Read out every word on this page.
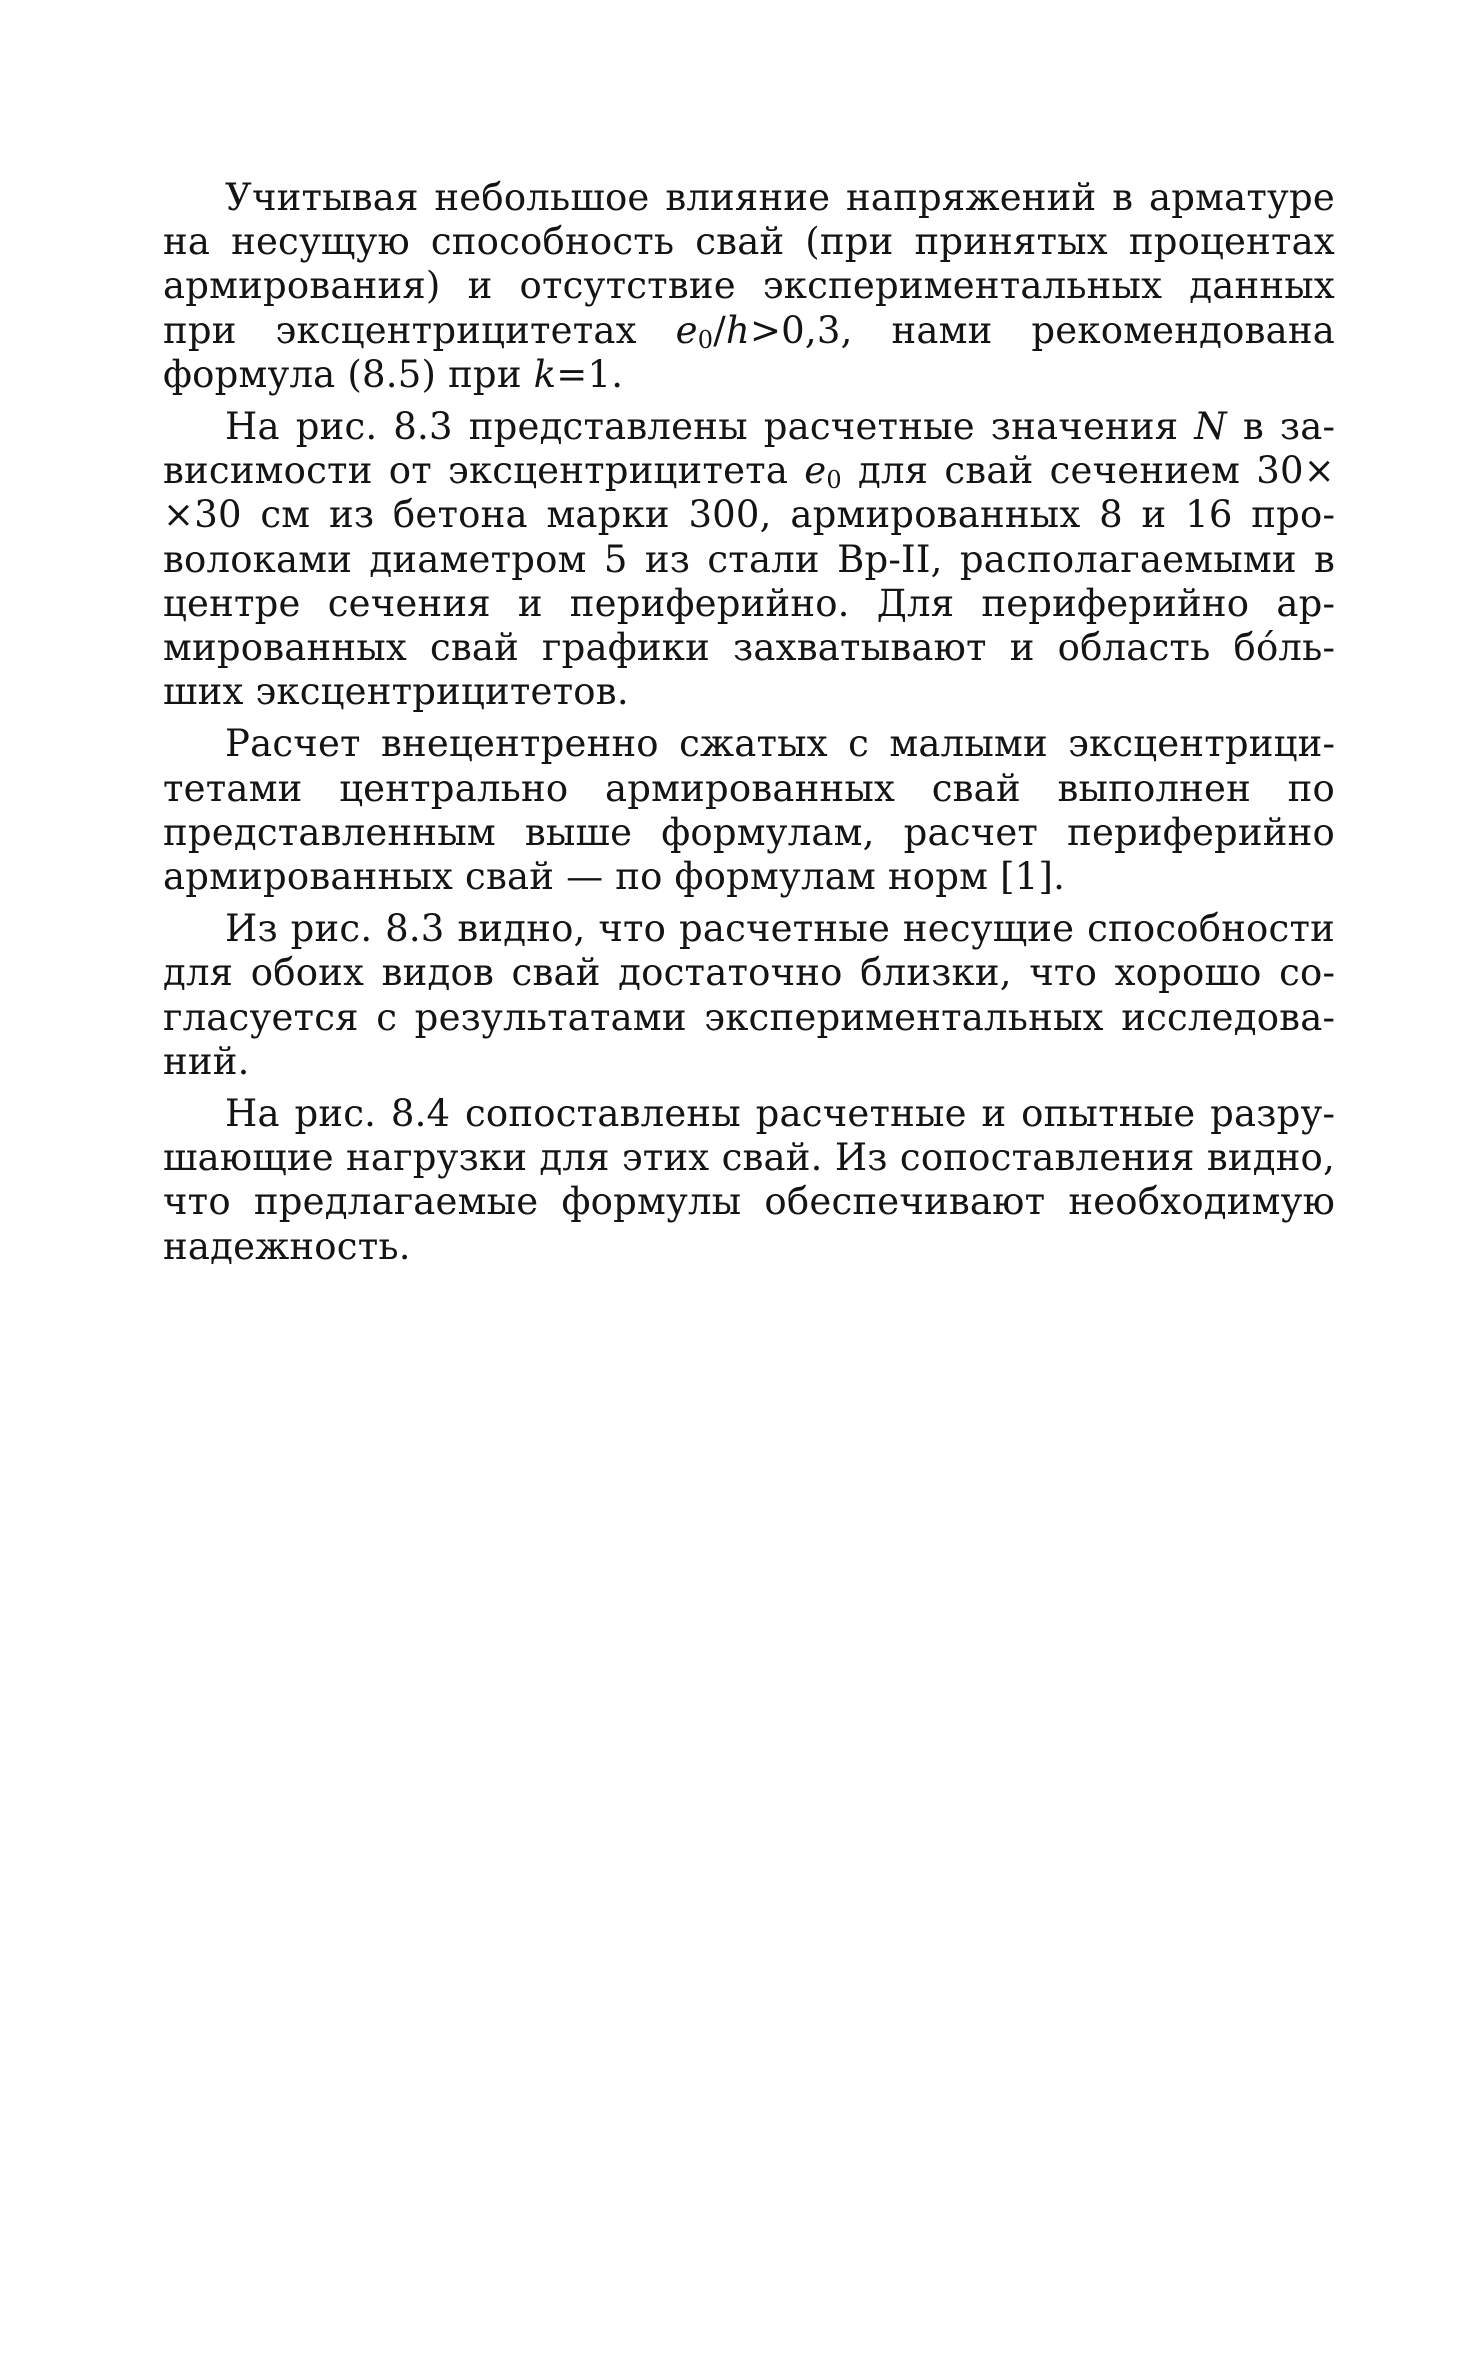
Учитывая небольшое влияние напряжений в арматуре на несущую способность свай (при принятых процентах армирования) и отсутствие экспериментальных данных при эксцентрицитетах $e_0/h>0,3$, нами рекомендована формула (8.5) при k=1.

На рис. 8.3 представлены расчетные значения N в зависимости от эксцентрицитета $e_0$ для свай сечением 30× ×30 см из бетона марки 300, армированных 8 и 16 проволоками диаметром 5 из стали Вр-II, располагаемыми в центре сечения и периферийно. Для периферийно армированных свай графики захватывают и область бо́льших эксцентрицитетов.

Расчет внецентренно сжатых с малыми эксцентрицитетами центрально армированных свай выполнен по представленным выше формулам, расчет периферийно армированных свай — по формулам норм [1].

Из рис. 8.3 видно, что расчетные несущие способности для обоих видов свай достаточно близки, что хорошо согласуется с результатами экспериментальных исследований.

На рис. 8.4 сопоставлены расчетные и опытные разрушающие нагрузки для этих свай. Из сопоставления видно, что предлагаемые формулы обеспечивают необходимую надежность.
